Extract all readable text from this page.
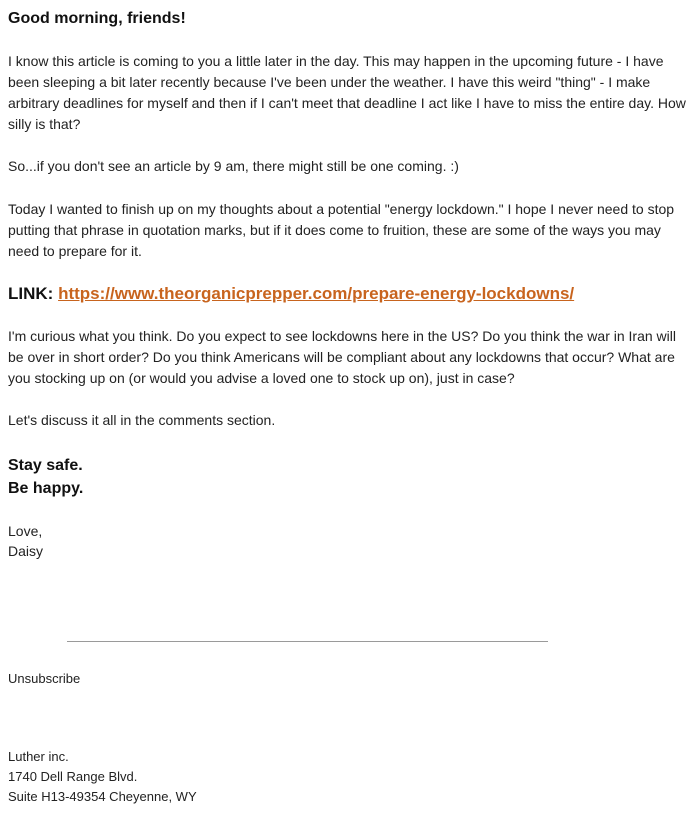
Good morning, friends!

I know this article is coming to you a little later in the day. This may happen in the upcoming future - I have been sleeping a bit later recently because I've been under the weather. I have this weird "thing" - I make arbitrary deadlines for myself and then if I can't meet that deadline I act like I have to miss the entire day. How silly is that?

So...if you don't see an article by 9 am, there might still be one coming. :)

Today I wanted to finish up on my thoughts about a potential "energy lockdown." I hope I never need to stop putting that phrase in quotation marks, but if it does come to fruition, these are some of the ways you may need to prepare for it.

LINK: https://www.theorganicprepper.com/prepare-energy-lockdowns/

I'm curious what you think. Do you expect to see lockdowns here in the US? Do you think the war in Iran will be over in short order? Do you think Americans will be compliant about any lockdowns that occur? What are you stocking up on (or would you advise a loved one to stock up on), just in case?

Let's discuss it all in the comments section.

Stay safe.
Be happy.

Love,
Daisy

Unsubscribe

Luther inc.
1740 Dell Range Blvd.
Suite H13-49354 Cheyenne, WY
